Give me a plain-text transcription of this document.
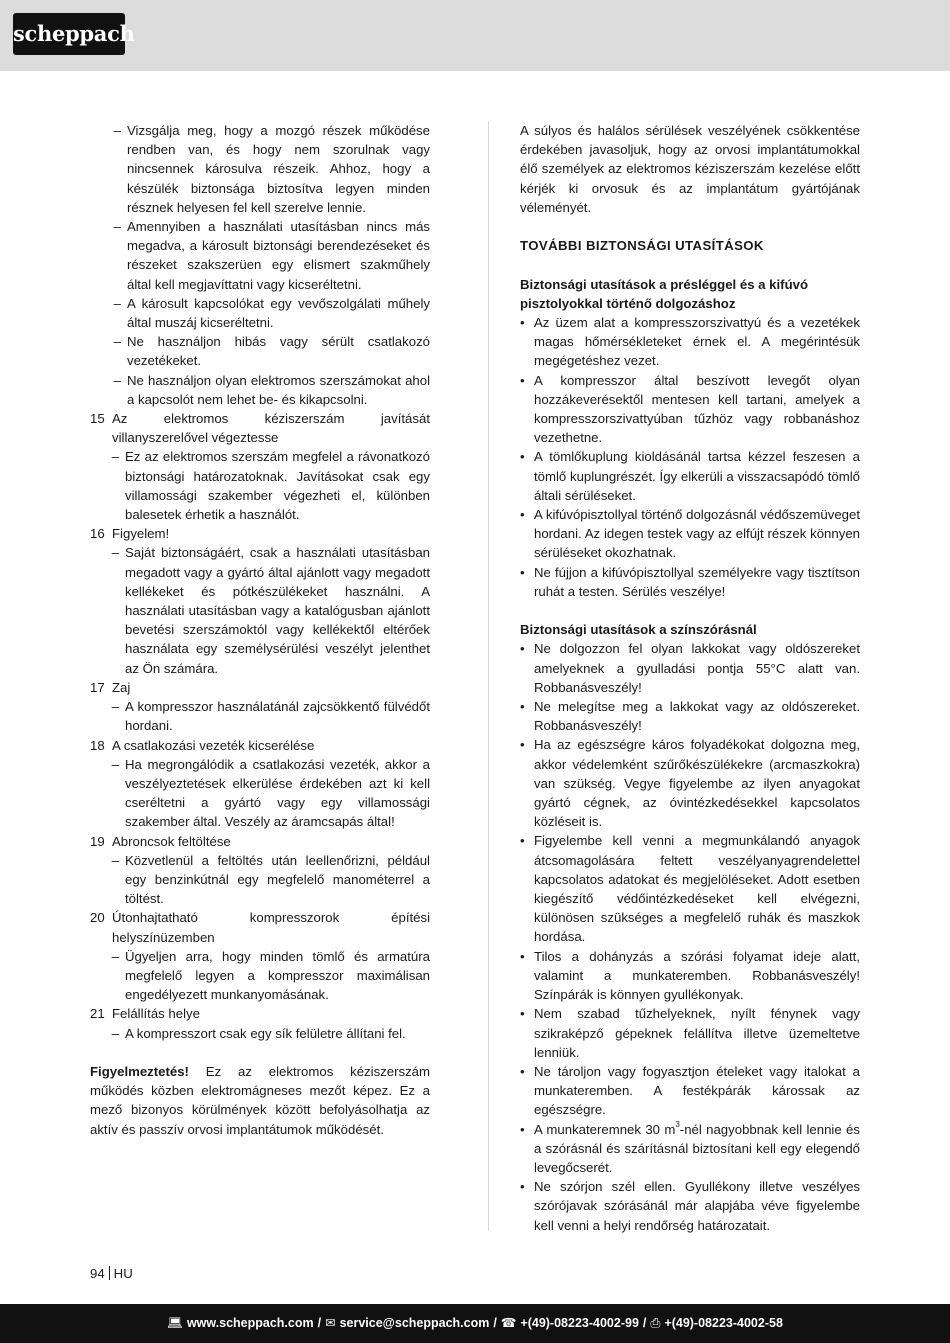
scheppach
– Vizsgálja meg, hogy a mozgó részek működése rendben van, és hogy nem szorulnak vagy nincsennek károsulva részeik. Ahhoz, hogy a készülék biztonsága biztosítva legyen minden résznek helyesen fel kell szerelve lennie.
– Amennyiben a használati utasításban nincs más megadva, a károsult biztonsági berendezéseket és részeket szakszerüen egy elismert szakműhely által kell megjavíttatni vagy kicseréltetni.
– A károsult kapcsolókat egy vevőszolgálati műhely által muszáj kicseréltetni.
– Ne használjon hibás vagy sérült csatlakozó vezetékeket.
– Ne használjon olyan elektromos szerszámokat ahol a kapcsolót nem lehet be- és kikapcsolni.
15 Az elektromos kéziszerszám javítását villanyszerelővel végeztesse
– Ez az elektromos szerszám megfelel a rávonatkozó biztonsági határozatoknak. Javításokat csak egy villamossági szakember végezheti el, különben balesetek érhetik a használót.
16 Figyelem!
– Saját biztonságáért, csak a használati utasításban megadott vagy a gyártó által ajánlott vagy megadott kellékeket és pótkészülékeket használni. A használati utasításban vagy a katalógusban ajánlott bevetési szerszámoktól vagy kellékektől eltérőek használata egy személysérülési veszélyt jelenthet az Ön számára.
17 Zaj
– A kompresszor használatánál zajcsökkentő fülvédőt hordani.
18 A csatlakozási vezeték kicserélése
– Ha megrongálódik a csatlakozási vezeték, akkor a veszélyeztetések elkerülése érdekében azt ki kell cseréltetni a gyártó vagy egy villamossági szakember által. Veszély az áramcsapás által!
19 Abroncsok feltöltése
– Közvetlenül a feltöltés után leellenőrizni, például egy benzinkútnál egy megfelelő manométerrel a töltést.
20 Útonhajtatható kompresszorok építési helyszínüzemben
– Ügyeljen arra, hogy minden tömlő és armatúra megfelelő legyen a kompresszor maximálisan engedélyezett munkanyomásának.
21 Felállítás helye
– A kompresszort csak egy sík felületre állítani fel.

Figyelmeztetés! Ez az elektromos kéziszerszám működés közben elektromágneses mezőt képez. Ez a mező bizonyos körülmények között befolyásolhatja az aktív és passzív orvosi implantátumok működését.

A súlyos és halálos sérülések veszélyének csökkentése érdekében javasoljuk, hogy az orvosi implantátumokkal élő személyek az elektromos kéziszerszám kezelése előtt kérjék ki orvosuk és az implantátum gyártójának véleményét.

TOVÁBBI BIZTONSÁGI UTASÍTÁSOK

Biztonsági utasítások a présléggel és a kifúvó pisztolyokkal történő dolgozáshoz

• Az üzem alat a kompresszorszivattyú és a vezetékek magas hőmérsékleteket érnek el. A megérintésük megégetéshez vezet.
• A kompresszor által beszívott levegőt olyan hozzákeverésektől mentesen kell tartani, amelyek a kompresszorszivattyúban tűzhöz vagy robbanáshoz vezethetne.
• A tömlőkuplung kioldásánál tartsa kézzel feszesen a tömlő kuplungrészét. Így elkerüli a visszacsapódó tömlő általi sérüléseket.
• A kifúvópisztollyal történő dolgozásnál védőszemüveget hordani. Az idegen testek vagy az elfújt részek könnyen sérüléseket okozhatnak.
• Ne fújjon a kifúvópisztollyal személyekre vagy tisztítson ruhát a testen. Sérülés veszélye!

Biztonsági utasítások a színszórásnál

• Ne dolgozzon fel olyan lakkokat vagy oldószereket amelyeknek a gyulladási pontja 55°C alatt van. Robbanásveszély!
• Ne melegítse meg a lakkokat vagy az oldószereket. Robbanásveszély!
• Ha az egészségre káros folyadékokat dolgozna meg, akkor védelemként szűrőkészülékekre (arcmaszkokra) van szükség. Vegye figyelembe az ilyen anyagokat gyártó cégnek, az óvintézkedésekkel kapcsolatos közléseit is.
• Figyelembe kell venni a megmunkálandó anyagok átcsomagolására feltett veszélyanyagrendelettel kapcsolatos adatokat és megjelöléseket. Adott esetben kiegészítő védőintézkedéseket kell elvégezni, különösen szükséges a megfelelő ruhák és maszkok hordása.
• Tilos a dohányzás a szórási folyamat ideje alatt, valamint a munkateremben. Robbanásveszély! Színpárák is könnyen gyullékonyak.
• Nem szabad tűzhelyeknek, nyílt fénynek vagy szikraképző gépeknek felállítva illetve üzemeltetve lenniük.
• Ne tároljon vagy fogyasztjon ételeket vagy italokat a munkateremben. A festékpárák károssak az egészségre.
• A munkateremnek 30 $m^3$-nél nagyobbnak kell lennie és a szórásnál és szárításnál biztosítani kell egy elegendő levegőcserét.
• Ne szórjon szél ellen. Gyullékony illetve veszélyes szórójavak szórásánál már alapjába véve figyelembe kell venni a helyi rendőrség határozatait.
94 HU
💻︎ www.scheppach.com / ✉︎ service@scheppach.com / ☎︎ +(49)-08223-4002-99 / ⎙ +(49)-08223-4002-58
